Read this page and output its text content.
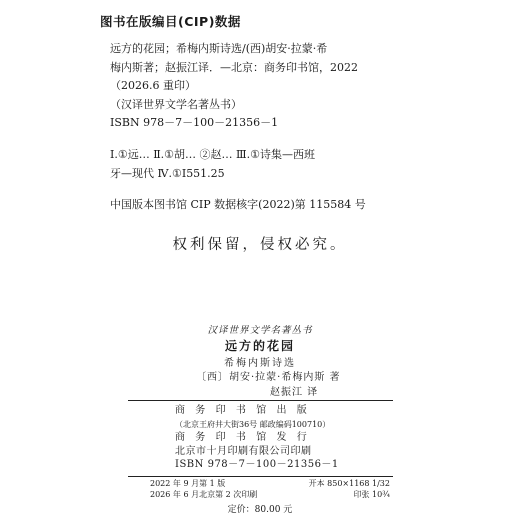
图书在版编目(CIP)数据
远方的花园；希梅内斯诗选/(西)胡安·拉蒙·希
梅内斯著；赵振江译．—北京：商务印书馆，2022
（2026.6 重印）
（汉译世界文学名著丛书）
ISBN 978－7－100－21356－1
Ⅰ.①远… Ⅱ.①胡… ②赵… Ⅲ.①诗集—西班
牙—现代 Ⅳ.①I551.25
中国版本图书馆 CIP 数据核字(2022)第 115584 号
权利保留，侵权必究。
汉译世界文学名著丛书
远方的花园
希梅内斯诗选
〔西〕胡安·拉蒙·希梅内斯 著
赵振江 译
商务印书馆出版
（北京王府井大街36号 邮政编码100710）
商务印书馆发行
北京市十月印刷有限公司印刷
ISBN 978－7－100－21356－1
2022 年 9 月第 1 版	开本 850×1168 1/32
2026 年 6 月北京第 2 次印刷	印张 10¾
定价：80.00 元
